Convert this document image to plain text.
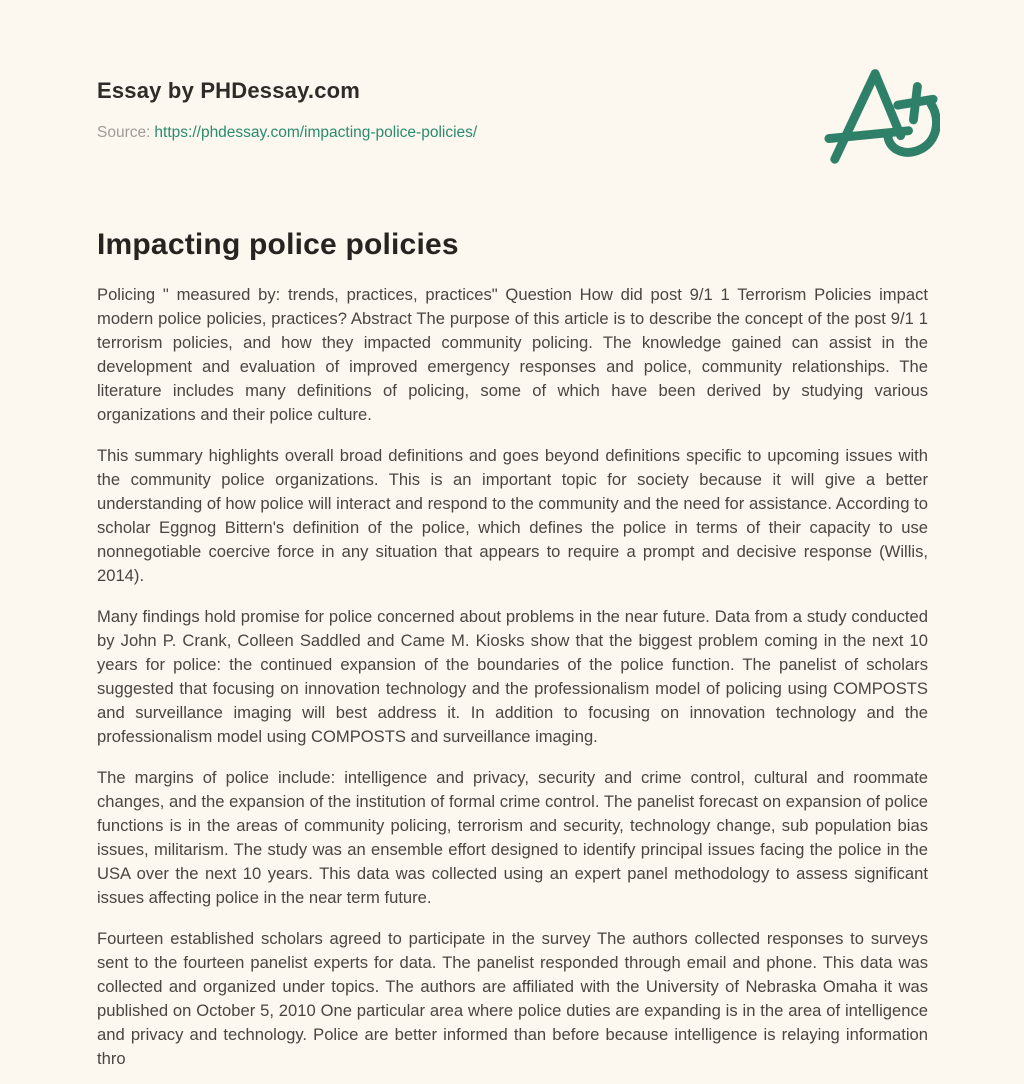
Essay by PHDessay.com
Source: https://phdessay.com/impacting-police-policies/
Impacting police policies

Policing " measured by: trends, practices, practices" Question How did post 9/1 1 Terrorism Policies impact modern police policies, practices? Abstract The purpose of this article is to describe the concept of the post 9/1 1 terrorism policies, and how they impacted community policing. The knowledge gained can assist in the development and evaluation of improved emergency responses and police, community relationships. The literature includes many definitions of policing, some of which have been derived by studying various organizations and their police culture.

This summary highlights overall broad definitions and goes beyond definitions specific to upcoming issues with the community police organizations. This is an important topic for society because it will give a better understanding of how police will interact and respond to the community and the need for assistance. According to scholar Eggnog Bittern's definition of the police, which defines the police in terms of their capacity to use nonnegotiable coercive force in any situation that appears to require a prompt and decisive response (Willis, 2014).

Many findings hold promise for police concerned about problems in the near future. Data from a study conducted by John P. Crank, Colleen Saddled and Came M. Kiosks show that the biggest problem coming in the next 10 years for police: the continued expansion of the boundaries of the police function. The panelist of scholars suggested that focusing on innovation technology and the professionalism model of policing using COMPOSTS and surveillance imaging will best address it. In addition to focusing on innovation technology and the professionalism model using COMPOSTS and surveillance imaging.

The margins of police include: intelligence and privacy, security and crime control, cultural and roommate changes, and the expansion of the institution of formal crime control. The panelist forecast on expansion of police functions is in the areas of community policing, terrorism and security, technology change, sub population bias issues, militarism. The study was an ensemble effort designed to identify principal issues facing the police in the USA over the next 10 years. This data was collected using an expert panel methodology to assess significant issues affecting police in the near term future.

Fourteen established scholars agreed to participate in the survey The authors collected responses to surveys sent to the fourteen panelist experts for data. The panelist responded through email and phone. This data was collected and organized under topics. The authors are affiliated with the University of Nebraska Omaha it was published on October 5, 2010 One particular area where police duties are expanding is in the area of intelligence and privacy and technology. Police are better informed than before because intelligence is relaying information thro
